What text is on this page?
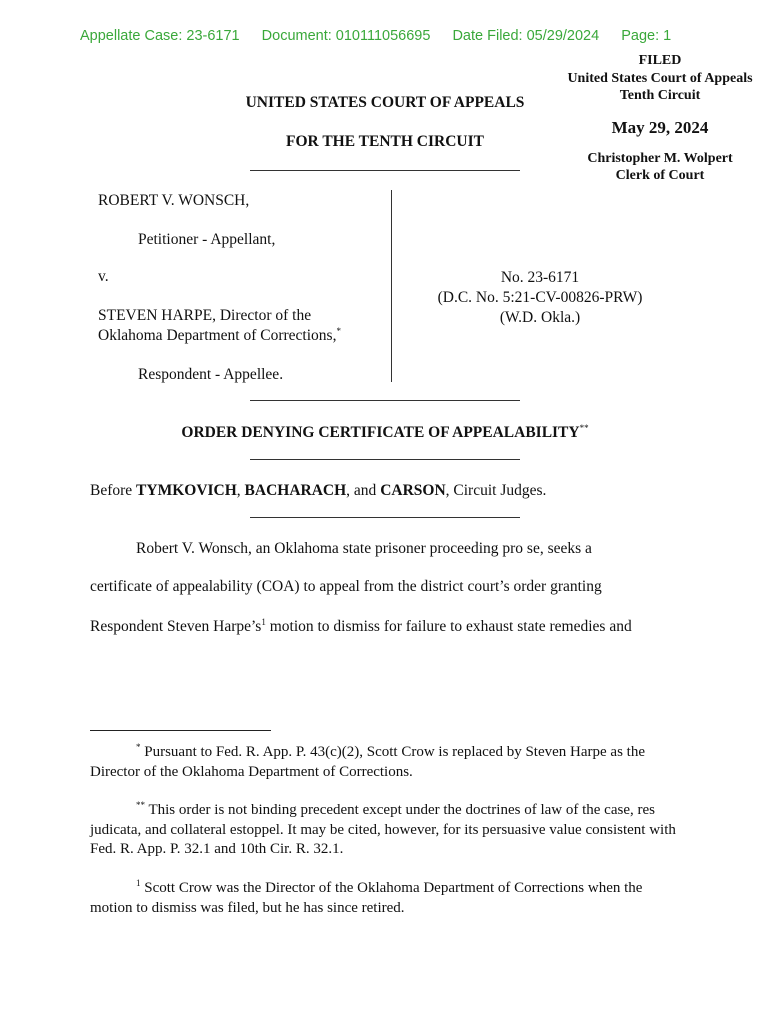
Appellate Case: 23-6171 Document: 010111056695 Date Filed: 05/29/2024 Page: 1
FILED
United States Court of Appeals
Tenth Circuit
May 29, 2024
Christopher M. Wolpert
Clerk of Court
UNITED STATES COURT OF APPEALS
FOR THE TENTH CIRCUIT
ROBERT V. WONSCH,
Petitioner - Appellant,
v.
STEVEN HARPE, Director of the
Oklahoma Department of Corrections,*
Respondent - Appellee.
No. 23-6171
(D.C. No. 5:21-CV-00826-PRW)
(W.D. Okla.)
ORDER DENYING CERTIFICATE OF APPEALABILITY**
Before TYMKOVICH, BACHARACH, and CARSON, Circuit Judges.
Robert V. Wonsch, an Oklahoma state prisoner proceeding pro se, seeks a
certificate of appealability (COA) to appeal from the district court’s order granting
Respondent Steven $Harpe’s^1$ motion to dismiss for failure to exhaust state remedies and
* Pursuant to Fed. R. App. P. 43(c)(2), Scott Crow is replaced by Steven Harpe as the Director of the Oklahoma Department of Corrections.
** This order is not binding precedent except under the doctrines of law of the case, res judicata, and collateral estoppel. It may be cited, however, for its persuasive value consistent with Fed. R. App. P. 32.1 and 10th Cir. R. 32.1.
$^1$ Scott Crow was the Director of the Oklahoma Department of Corrections when the motion to dismiss was filed, but he has since retired.
